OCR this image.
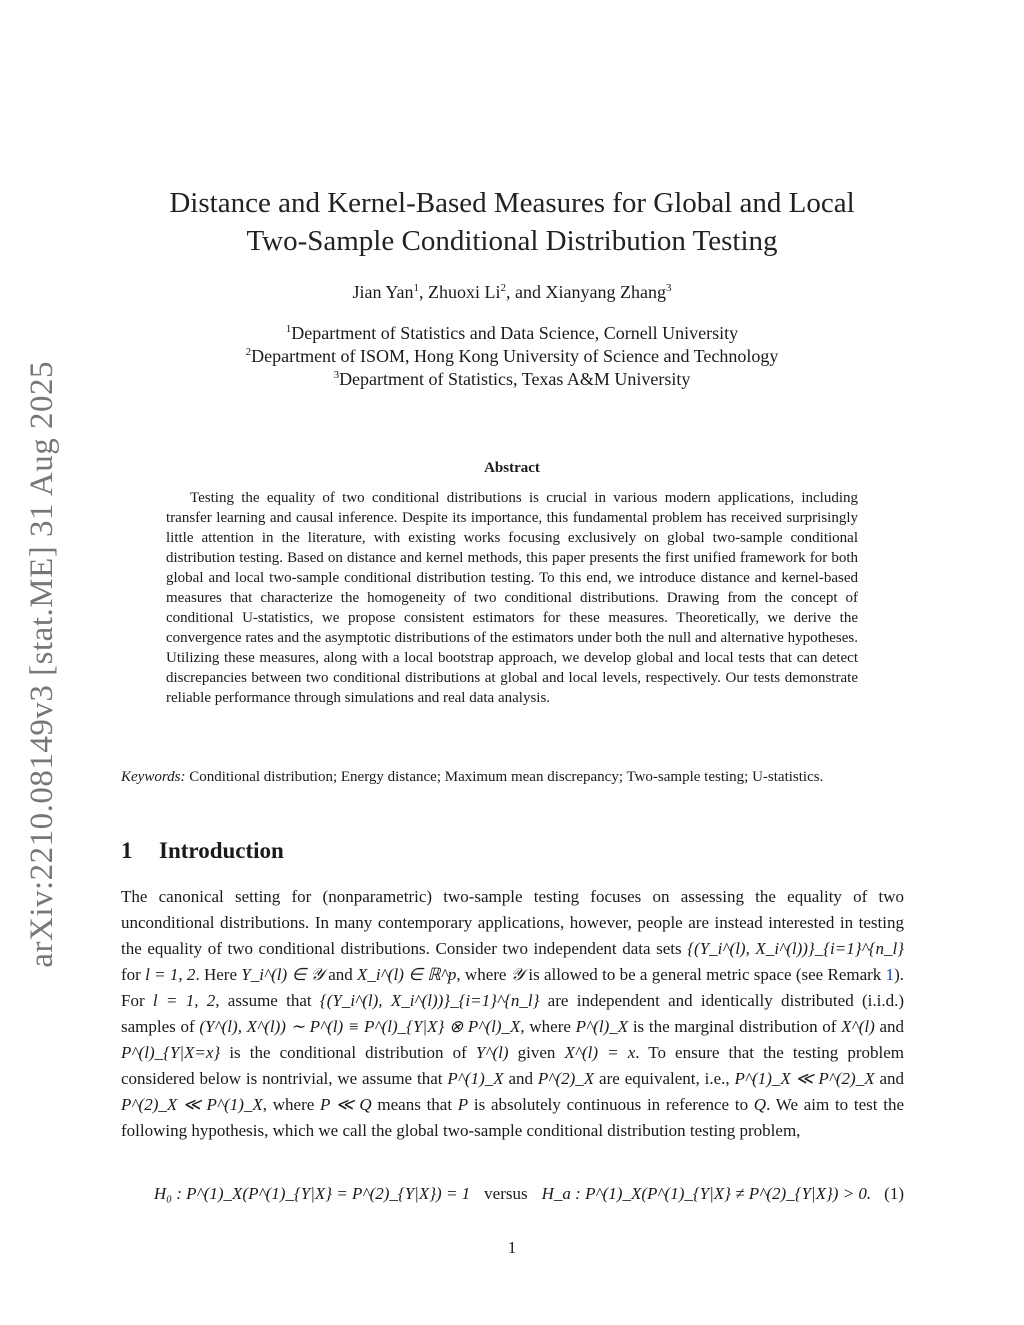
arXiv:2210.08149v3 [stat.ME] 31 Aug 2025
Distance and Kernel-Based Measures for Global and Local
Two-Sample Conditional Distribution Testing
Jian Yan$^1$, Zhuoxi Li$^2$, and Xianyang Zhang$^3$
$^1$Department of Statistics and Data Science, Cornell University
$^2$Department of ISOM, Hong Kong University of Science and Technology
$^3$Department of Statistics, Texas A&M University
Abstract

Testing the equality of two conditional distributions is crucial in various modern applications, including transfer learning and causal inference. Despite its importance, this fundamental problem has received surprisingly little attention in the literature, with existing works focusing exclusively on global two-sample conditional distribution testing. Based on distance and kernel methods, this paper presents the first unified framework for both global and local two-sample conditional distribution testing. To this end, we introduce distance and kernel-based measures that characterize the homogeneity of two conditional distributions. Drawing from the concept of conditional U-statistics, we propose consistent estimators for these measures. Theoretically, we derive the convergence rates and the asymptotic distributions of the estimators under both the null and alternative hypotheses. Utilizing these measures, along with a local bootstrap approach, we develop global and local tests that can detect discrepancies between two conditional distributions at global and local levels, respectively. Our tests demonstrate reliable performance through simulations and real data analysis.

Keywords: Conditional distribution; Energy distance; Maximum mean discrepancy; Two-sample testing; U-statistics.

1 Introduction

The canonical setting for (nonparametric) two-sample testing focuses on assessing the equality of two unconditional distributions. In many contemporary applications, however, people are instead interested in testing the equality of two conditional distributions. Consider two independent data sets {(Y_i^(l), X_i^(l))}_{i=1}^{n_l} for l = 1, 2. Here Y_i^(l) ∈ 𝒴 and X_i^(l) ∈ ℝ^p, where 𝒴 is allowed to be a general metric space (see Remark 1). For l = 1, 2, assume that {(Y_i^(l), X_i^(l))}_{i=1}^{n_l} are independent and identically distributed (i.i.d.) samples of (Y^(l), X^(l)) ∼ P^(l) ≡ P^(l)_{Y|X} ⊗ P^(l)_X, where P^(l)_X is the marginal distribution of X^(l) and P^(l)_{Y|X=x} is the conditional distribution of Y^(l) given X^(l) = x. To ensure that the testing problem considered below is nontrivial, we assume that P^(1)_X and P^(2)_X are equivalent, i.e., P^(1)_X ≪ P^(2)_X and P^(2)_X ≪ P^(1)_X, where P ≪ Q means that P is absolutely continuous in reference to Q. We aim to test the following hypothesis, which we call the global two-sample conditional distribution testing problem,

H₀ : P^(1)_X(P^(1)_{Y|X} = P^(2)_{Y|X}) = 1 versus H_a : P^(1)_X(P^(1)_{Y|X} ≠ P^(2)_{Y|X}) > 0. (1)
1
